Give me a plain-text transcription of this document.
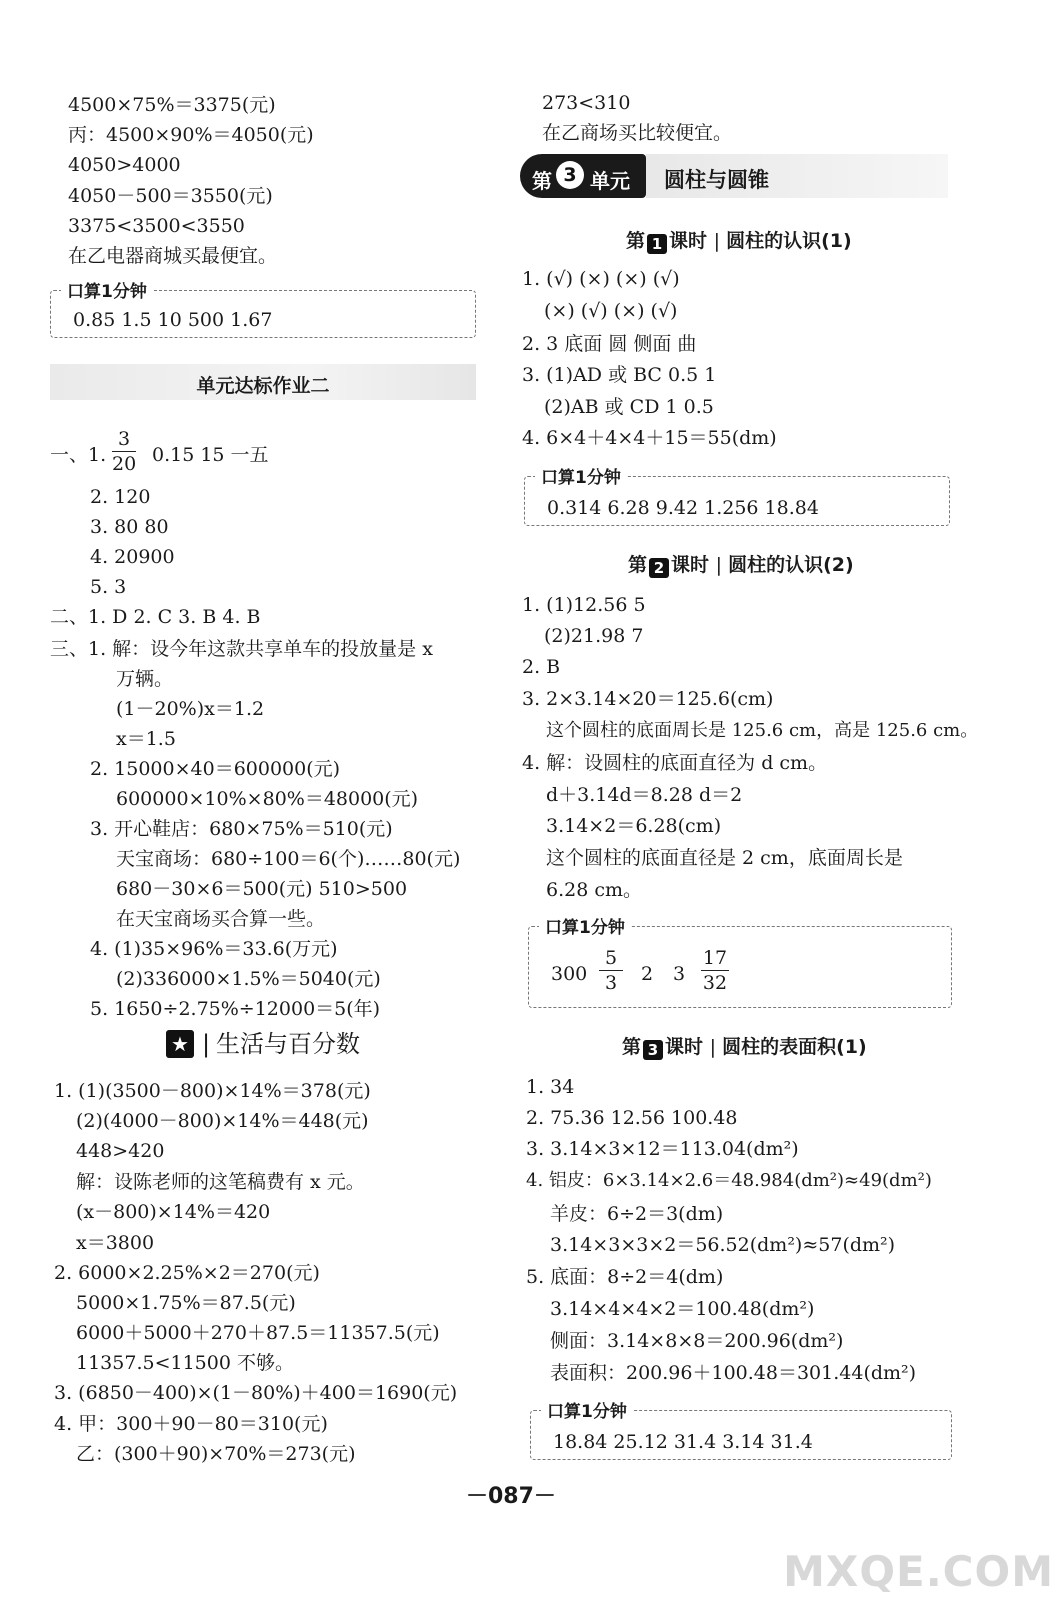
4500×75%＝3375(元)
丙：4500×90%＝4050(元)
4050>4000
4050－500＝3550(元)
3375<3500<3550
在乙电器商城买最便宜。
口算1分钟
0.85 1.5 10 500 1.67
单元达标作业二
一、1.
3
20 0.15 15 一五
2. 120
3. 80 80
4. 20900
5. 3
二、1. D 2. C 3. B 4. B
三、1. 解：设今年这款共享单车的投放量是 x
万辆。
(1－20%)x＝1.2
x＝1.5
2. 15000×40＝600000(元)
600000×10%×80%＝48000(元)
3. 开心鞋店：680×75%＝510(元)
天宝商场：680÷100＝6(个)……80(元)
680－30×6＝500(元) 510>500
在天宝商场买合算一些。
4. (1)35×96%＝33.6(万元)
(2)336000×1.5%＝5040(元)
5. 1650÷2.75%÷12000＝5(年)
★ | 生活与百分数
1. (1)(3500－800)×14%＝378(元)
(2)(4000－800)×14%＝448(元)
448>420
解：设陈老师的这笔稿费有 x 元。
(x－800)×14%＝420
x＝3800
2. 6000×2.25%×2＝270(元)
5000×1.75%＝87.5(元)
6000＋5000＋270＋87.5＝11357.5(元)
11357.5<11500 不够。
3. (6850－400)×(1－80%)＋400＝1690(元)
4. 甲：300＋90－80＝310(元)
乙：(300＋90)×70%＝273(元)
273<310
在乙商场买比较便宜。
第 3 单元 圆柱与圆锥
第 1 课时 | 圆柱的认识(1)
1. (√) (×) (×) (√)
(×) (√) (×) (√)
2. 3 底面 圆 侧面 曲
3. (1)AD 或 BC 0.5 1
(2)AB 或 CD 1 0.5
4. 6×4＋4×4＋15＝55(dm)
口算1分钟
0.314 6.28 9.42 1.256 18.84
第 2 课时 | 圆柱的认识(2)
1. (1)12.56 5
(2)21.98 7
2. B
3. 2×3.14×20＝125.6(cm)
这个圆柱的底面周长是 125.6 cm，高是 125.6 cm。
4. 解：设圆柱的底面直径为 d cm。
d＋3.14d＝8.28 d＝2
3.14×2＝6.28(cm)
这个圆柱的底面直径是 2 cm，底面周长是
6.28 cm。
口算1分钟
300
5
3	2 3
17
32
第 3 课时 | 圆柱的表面积(1)
1. 34
2. 75.36 12.56 100.48
3. 3.14×3×12＝113.04(dm²)
4. 铝皮：6×3.14×2.6＝48.984(dm²)≈49(dm²)
羊皮：6÷2＝3(dm)
3.14×3×3×2＝56.52(dm²)≈57(dm²)
5. 底面：8÷2＝4(dm)
3.14×4×4×2＝100.48(dm²)
侧面：3.14×8×8＝200.96(dm²)
表面积：200.96＋100.48＝301.44(dm²)
口算1分钟
18.84 25.12 31.4 3.14 31.4
－087－
MXQE.COM
